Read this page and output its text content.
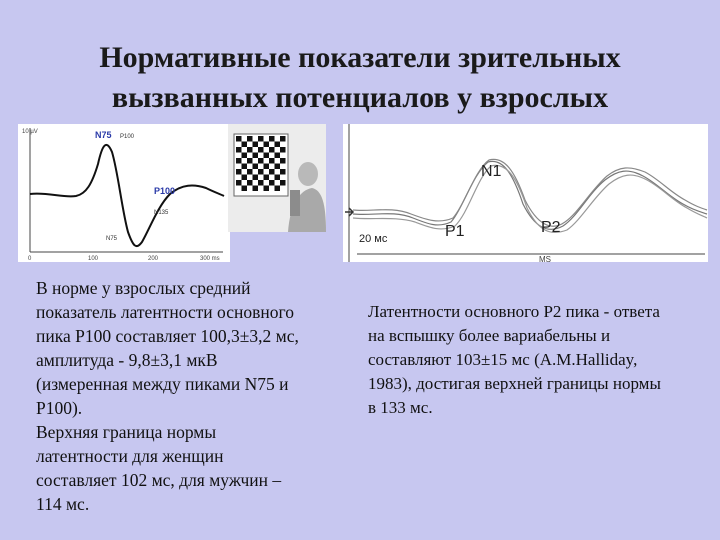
Нормативные показатели зрительных
вызванных потенциалов у взрослых
10 µV	N75 P100
P100
N135
N75
0	100	200	300 ms
N1
P1	P2
20 мс
MS
В норме у взрослых средний
показатель латентности основного
пика P100 составляет 100,3±3,2 мс,
амплитуда - 9,8±3,1 мкВ
(измеренная между пиками N75 и
P100).
Верхняя граница нормы
латентности для женщин
составляет 102 мс, для мужчин –
114 мс.
Латентности основного P2 пика - ответа
на вспышку более вариабельны и
составляют 103±15 мс (A.M.Halliday,
1983), достигая верхней границы нормы
в 133 мс.
